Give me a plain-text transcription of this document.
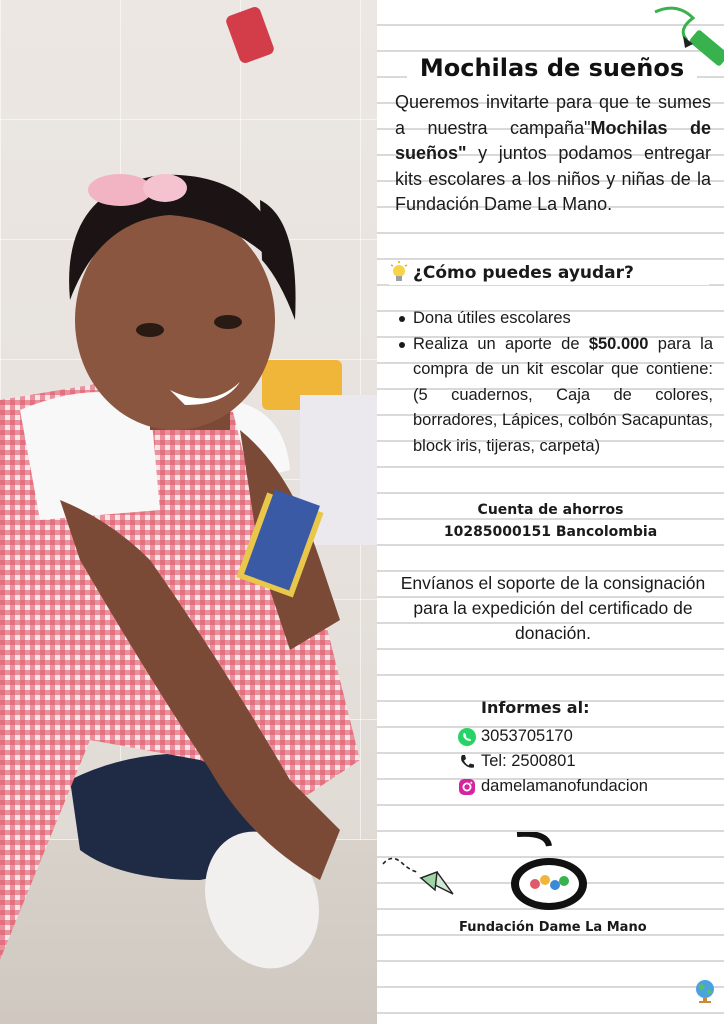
Mochilas de sueños

Queremos invitarte para que te sumes a nuestra campaña"Mochilas de sueños" y juntos podamos entregar kits escolares a los niños y niñas de la Fundación Dame La Mano.

¿Cómo puedes ayudar?
Dona útiles escolares
Realiza un aporte de $50.000 para la compra de un kit escolar que contiene: (5 cuadernos, Caja de colores, borradores, Lápices, colbón Sacapuntas, block iris, tijeras, carpeta)
Cuenta de ahorros
10285000151 Bancolombia

Envíanos el soporte de la consignación para la expedición del certificado de donación.

Informes al:
3053705170
Tel: 2500801
damelamanofundacion
Fundación Dame La Mano
